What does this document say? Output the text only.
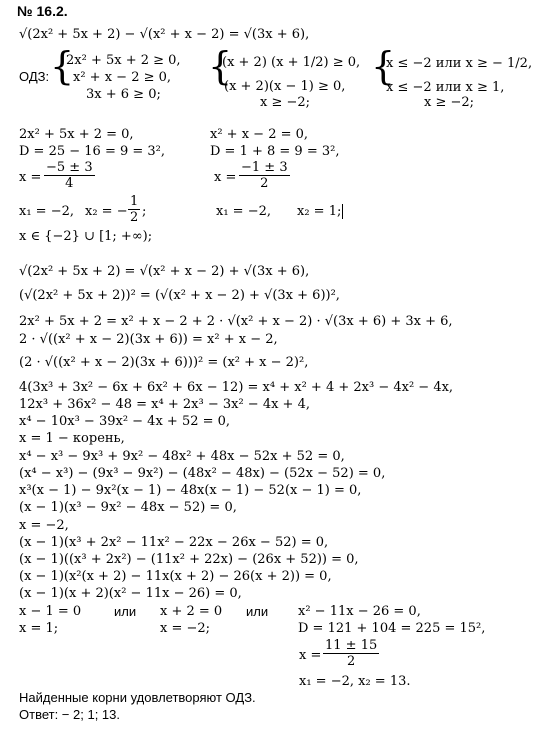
№ 16.2.
√(2x² + 5x + 2) − √(x² + x − 2) = √(3x + 6),
ОДЗ: {
2x² + 5x + 2 ≥ 0,
x² + x − 2 ≥ 0,
3x + 6 ≥ 0;
{
(x + 2) (x + 1/2) ≥ 0,
(x + 2)(x − 1) ≥ 0,
x ≥ −2;
{
x ≤ −2 или x ≥ − 1/2,
x ≤ −2 или x ≥ 1,
x ≥ −2;
2x² + 5x + 2 = 0,
D = 25 − 16 = 9 = 3²,
$x = \frac{-5 \pm 3}{4}$
x₁ = −2, x₂ = − $\frac{1}{2}$ ;
x² + x − 2 = 0,
D = 1 + 8 = 9 = 3²,
$x = \frac{-1 \pm 3}{2}$
x₁ = −2, x₂ = 1;
x ∈ {−2} ∪ [1; +∞);
√(2x² + 5x + 2) = √(x² + x − 2) + √(3x + 6),
(√(2x² + 5x + 2))² = (√(x² + x − 2) + √(3x + 6))²,
2x² + 5x + 2 = x² + x − 2 + 2 · √(x² + x − 2) · √(3x + 6) + 3x + 6,
2 · √((x² + x − 2)(3x + 6)) = x² + x − 2,
(2 · √((x² + x − 2)(3x + 6)))² = (x² + x − 2)²,
4(3x³ + 3x² − 6x + 6x² + 6x − 12) = x⁴ + x² + 4 + 2x³ − 4x² − 4x,
12x³ + 36x² − 48 = x⁴ + 2x³ − 3x² − 4x + 4,
x⁴ − 10x³ − 39x² − 4x + 52 = 0,
x = 1 − корень,
x⁴ − x³ − 9x³ + 9x² − 48x² + 48x − 52x + 52 = 0,
(x⁴ − x³) − (9x³ − 9x²) − (48x² − 48x) − (52x − 52) = 0,
x³(x − 1) − 9x²(x − 1) − 48x(x − 1) − 52(x − 1) = 0,
(x − 1)(x³ − 9x² − 48x − 52) = 0,
x = −2,
(x − 1)(x³ + 2x² − 11x² − 22x − 26x − 52) = 0,
(x − 1)((x³ + 2x²) − (11x² + 22x) − (26x + 52)) = 0,
(x − 1)(x²(x + 2) − 11x(x + 2) − 26(x + 2)) = 0,
(x − 1)(x + 2)(x² − 11x − 26) = 0,
x − 1 = 0	или x + 2 = 0 или x² − 11x − 26 = 0,
x = 1;	x = −2;	D = 121 + 104 = 225 = 15²,
$x = \frac{11 \pm 15}{2}$
x₁ = −2, x₂ = 13.
Найденные корни удовлетворяют ОДЗ.
Ответ: − 2; 1; 13.
